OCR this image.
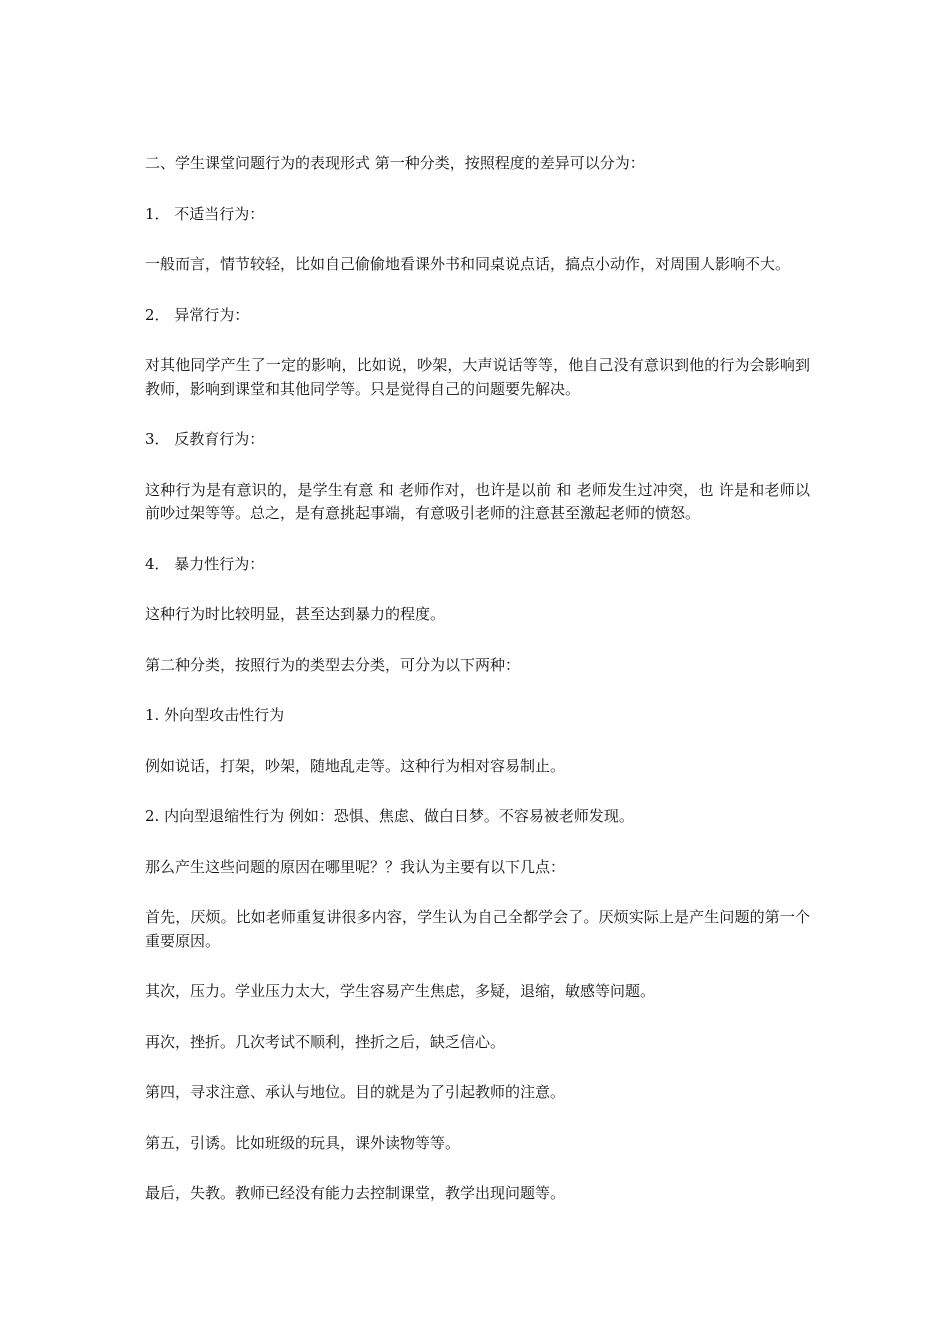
二、学生课堂问题行为的表现形式 第一种分类，按照程度的差异可以分为：

1． 不适当行为：

一般而言，情节较轻，比如自己偷偷地看课外书和同桌说点话，搞点小动作，对周围人影响不大。

2． 异常行为：

对其他同学产生了一定的影响，比如说，吵架，大声说话等等，他自己没有意识到他的行为会影响到教师，影响到课堂和其他同学等。只是觉得自己的问题要先解决。

3． 反教育行为：

这种行为是有意识的，是学生有意 和 老师作对，也许是以前 和 老师发生过冲突，也 许是和老师以前吵过架等等。总之，是有意挑起事端，有意吸引老师的注意甚至激起老师的愤怒。

4． 暴力性行为：

这种行为时比较明显，甚至达到暴力的程度。

第二种分类，按照行为的类型去分类，可分为以下两种：

1. 外向型攻击性行为

例如说话，打架，吵架，随地乱走等。这种行为相对容易制止。

2. 内向型退缩性行为 例如：恐惧、焦虑、做白日梦。不容易被老师发现。

那么产生这些问题的原因在哪里呢？？我认为主要有以下几点：

首先，厌烦。比如老师重复讲很多内容，学生认为自己全都学会了。厌烦实际上是产生问题的第一个重要原因。

其次，压力。学业压力太大，学生容易产生焦虑，多疑，退缩，敏感等问题。

再次，挫折。几次考试不顺利，挫折之后，缺乏信心。

第四，寻求注意、承认与地位。目的就是为了引起教师的注意。

第五，引诱。比如班级的玩具，课外读物等等。

最后，失教。教师已经没有能力去控制课堂，教学出现问题等。
